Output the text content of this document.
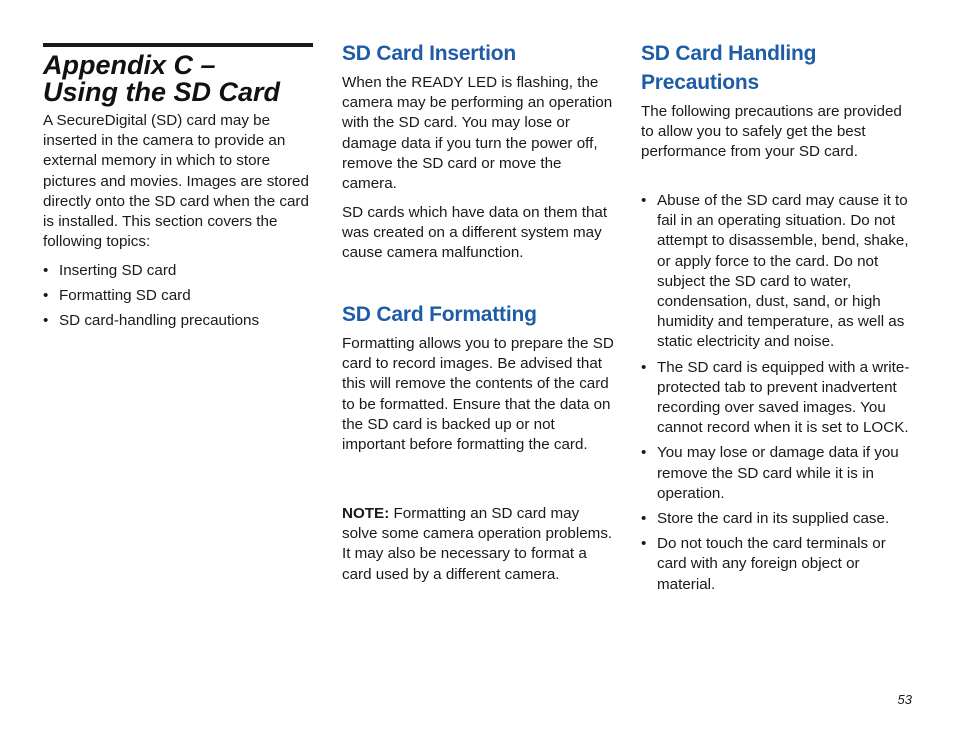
Appendix C –
Using the SD Card

A SecureDigital (SD) card may be inserted in the camera to provide an external memory in which to store pictures and movies. Images are stored directly onto the SD card when the card is installed. This section covers the following topics:

• Inserting SD card
• Formatting SD card
• SD card-handling precautions
SD Card Insertion

When the READY LED is flashing, the camera may be performing an operation with the SD card. You may lose or damage data if you turn the power off, remove the SD card or move the camera.

SD cards which have data on them that was created on a different system may cause camera malfunction.

SD Card Formatting

Formatting allows you to prepare the SD card to record images. Be advised that this will remove the contents of the card to be formatted. Ensure that the data on the SD card is backed up or not important before formatting the card.

NOTE: Formatting an SD card may solve some camera operation problems. It may also be necessary to format a card used by a different camera.

SD Card Handling
Precautions

The following precautions are provided to allow you to safely get the best performance from your SD card.

• Abuse of the SD card may cause it to fail in an operating situation. Do not attempt to disassemble, bend, shake, or apply force to the card. Do not subject the SD card to water, condensation, dust, sand, or high humidity and temperature, as well as static electricity and noise.
• The SD card is equipped with a write-protected tab to prevent inadvertent recording over saved images. You cannot record when it is set to LOCK.
• You may lose or damage data if you remove the SD card while it is in operation.
• Store the card in its supplied case.
• Do not touch the card terminals or card with any foreign object or material.
53
